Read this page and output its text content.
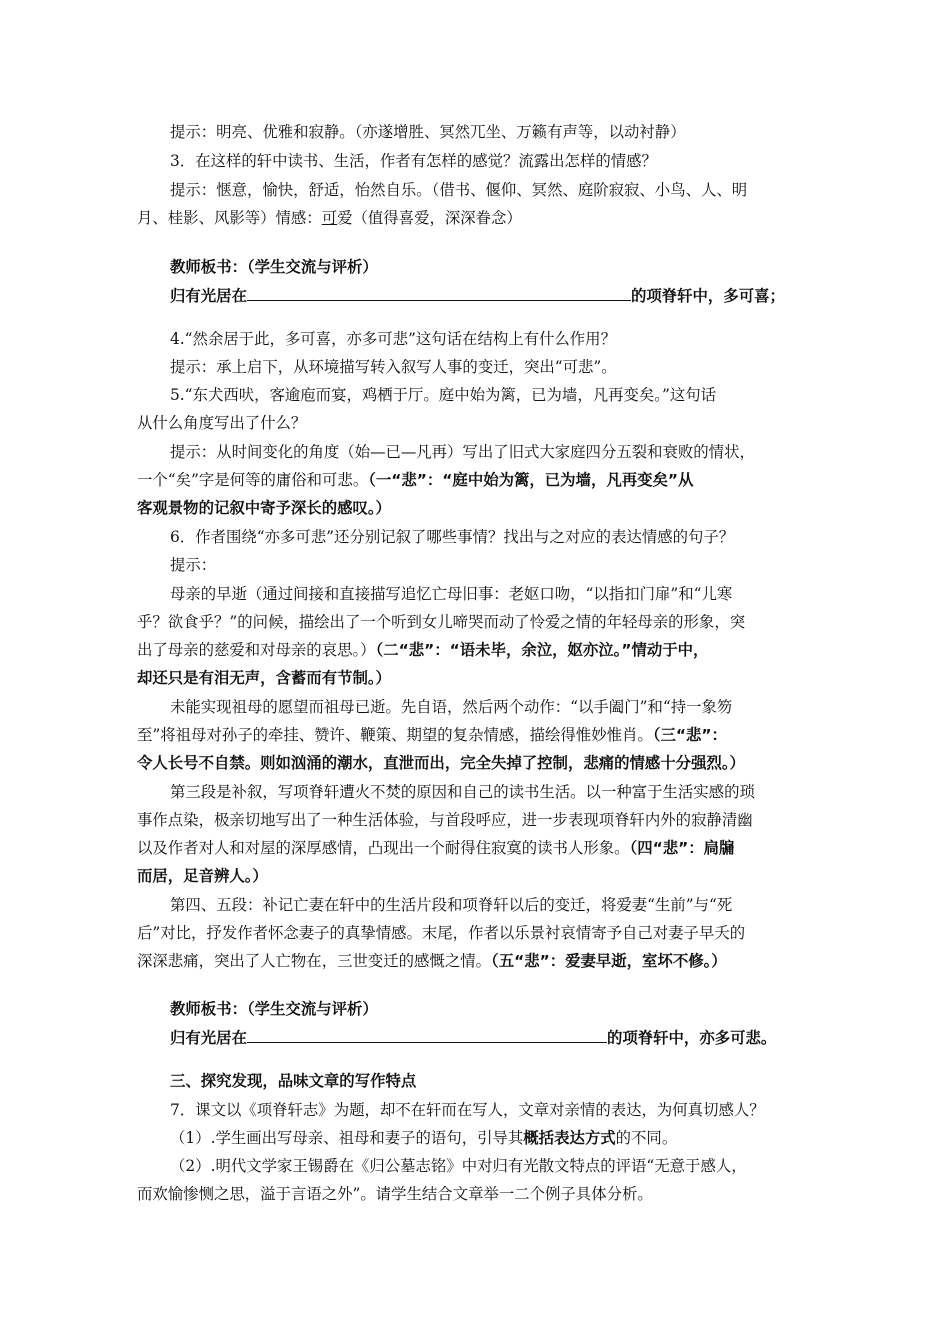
提示：明亮、优雅和寂静。（亦遂增胜、冥然兀坐、万籁有声等，以动衬静）
3．在这样的轩中读书、生活，作者有怎样的感觉？流露出怎样的情感？
提示：惬意，愉快，舒适，怡然自乐。（借书、偃仰、冥然、庭阶寂寂、小鸟、人、明
月、桂影、风影等）情感：可爱（值得喜爱，深深眷念）
教师板书：（学生交流与评析）
归有光居在	的项脊轩中，多可喜；
4.“然余居于此，多可喜，亦多可悲”这句话在结构上有什么作用？
提示：承上启下，从环境描写转入叙写人事的变迁，突出“可悲”。
5.“东犬西吠，客逾庖而宴，鸡栖于厅。庭中始为篱，已为墙，凡再变矣。”这句话
从什么角度写出了什么？
提示：从时间变化的角度（始—已—凡再）写出了旧式大家庭四分五裂和衰败的情状，
一个“矣”字是何等的庸俗和可悲。（一“悲”：“庭中始为篱，已为墙，凡再变矣”从
客观景物的记叙中寄予深长的感叹。）
6．作者围绕“亦多可悲”还分别记叙了哪些事情？找出与之对应的表达情感的句子？
提示：
母亲的早逝（通过间接和直接描写追忆亡母旧事：老妪口吻，“以指扣门扉”和“儿寒
乎？欲食乎？”的问候，描绘出了一个听到女儿啼哭而动了怜爱之情的年轻母亲的形象，突
出了母亲的慈爱和对母亲的哀思。）（二“悲”：“语未毕，余泣，妪亦泣。”情动于中，
却还只是有泪无声，含蓄而有节制。）
未能实现祖母的愿望而祖母已逝。先自语，然后两个动作：“以手阖门”和“持一象笏
至”将祖母对孙子的牵挂、赞许、鞭策、期望的复杂情感，描绘得惟妙惟肖。（三“悲”：
令人长号不自禁。则如汹涌的潮水，直泄而出，完全失掉了控制，悲痛的情感十分强烈。）
第三段是补叙，写项脊轩遭火不焚的原因和自己的读书生活。以一种富于生活实感的琐
事作点染，极亲切地写出了一种生活体验，与首段呼应，进一步表现项脊轩内外的寂静清幽
以及作者对人和对屋的深厚感情，凸现出一个耐得住寂寞的读书人形象。（四“悲”：扃牖
而居，足音辨人。）
第四、五段：补记亡妻在轩中的生活片段和项脊轩以后的变迁，将爱妻“生前”与“死
后”对比，抒发作者怀念妻子的真挚情感。末尾，作者以乐景衬哀情寄予自己对妻子早夭的
深深悲痛，突出了人亡物在，三世变迁的感慨之情。（五“悲”：爱妻早逝，室坏不修。）
教师板书：（学生交流与评析）
归有光居在	的项脊轩中，亦多可悲。
三、探究发现，品味文章的写作特点
7．课文以《项脊轩志》为题，却不在轩而在写人，文章对亲情的表达，为何真切感人？
（1）.学生画出写母亲、祖母和妻子的语句，引导其概括表达方式的不同。
（2）.明代文学家王锡爵在《归公墓志铭》中对归有光散文特点的评语“无意于感人，
而欢愉惨恻之思，溢于言语之外”。请学生结合文章举一二个例子具体分析。
